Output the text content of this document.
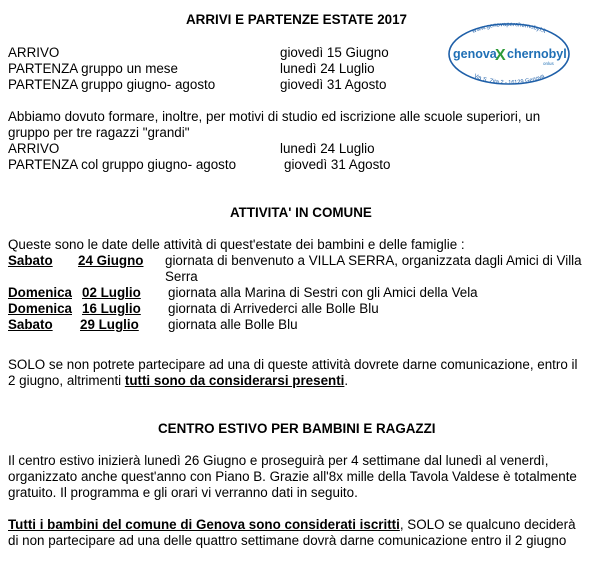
ARRIVI E PARTENZE ESTATE 2017
www.genovaperchernobyl.it
Via S. Zita 2 - 16129 Genova
genova
X chernobyl
onlus
ARRIVO	giovedì 15 Giugno
PARTENZA gruppo un mese	lunedì 24 Luglio
PARTENZA gruppo giugno- agosto	giovedì 31 Agosto
Abbiamo dovuto formare, inoltre, per motivi di studio ed iscrizione alle scuole superiori, un
gruppo per tre ragazzi "grandi"
ARRIVO	lunedì 24 Luglio
PARTENZA col gruppo giugno- agosto	giovedì 31 Agosto
ATTIVITA' IN COMUNE
Queste sono le date delle attività di quest'estate dei bambini e delle famiglie :
Sabato 24 Giugno giornata di benvenuto a VILLA SERRA, organizzata dagli Amici di Villa
Serra
Domenica 02 Luglio giornata alla Marina di Sestri con gli Amici della Vela
Domenica 16 Luglio giornata di Arrivederci alle Bolle Blu
Sabato 29 Luglio giornata alle Bolle Blu
SOLO se non potrete partecipare ad una di queste attività dovrete darne comunicazione, entro il
2 giugno, altrimenti tutti sono da considerarsi presenti.
CENTRO ESTIVO PER BAMBINI E RAGAZZI
Il centro estivo inizierà lunedì 26 Giugno e proseguirà per 4 settimane dal lunedì al venerdì,
organizzato anche quest'anno con Piano B. Grazie all'8x mille della Tavola Valdese è totalmente
gratuito. Il programma e gli orari vi verranno dati in seguito.
Tutti i bambini del comune di Genova sono considerati iscritti, SOLO se qualcuno deciderà
di non partecipare ad una delle quattro settimane dovrà darne comunicazione entro il 2 giugno
